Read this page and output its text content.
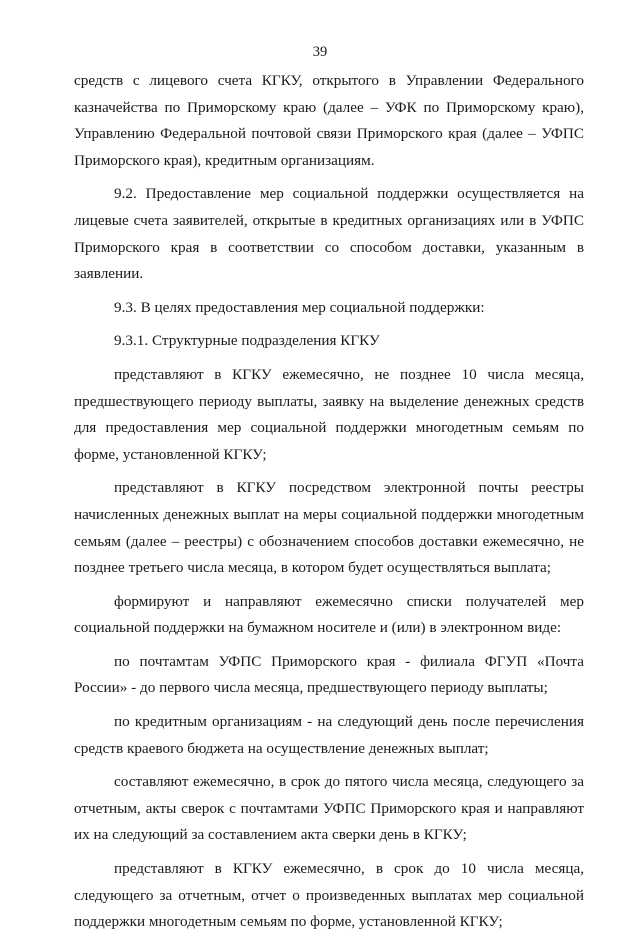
39

средств с лицевого счета КГКУ, открытого в Управлении Федерального казначейства по Приморскому краю (далее – УФК по Приморскому краю), Управлению Федеральной почтовой связи Приморского края (далее – УФПС Приморского края), кредитным организациям.

9.2. Предоставление мер социальной поддержки осуществляется на лицевые счета заявителей, открытые в кредитных организациях или в УФПС Приморского края в соответствии со способом доставки, указанным в заявлении.

9.3. В целях предоставления мер социальной поддержки:

9.3.1. Структурные подразделения КГКУ

представляют в КГКУ ежемесячно, не позднее 10 числа месяца, предшествующего периоду выплаты, заявку на выделение денежных средств для предоставления мер социальной поддержки многодетным семьям по форме, установленной КГКУ;

представляют в КГКУ посредством электронной почты реестры начисленных денежных выплат на меры социальной поддержки многодетным семьям (далее – реестры) с обозначением способов доставки ежемесячно, не позднее третьего числа месяца, в котором будет осуществляться выплата;

формируют и направляют ежемесячно списки получателей мер социальной поддержки на бумажном носителе и (или) в электронном виде:

по почтамтам УФПС Приморского края - филиала ФГУП «Почта России» - до первого числа месяца, предшествующего периоду выплаты;

по кредитным организациям - на следующий день после перечисления средств краевого бюджета на осуществление денежных выплат;

составляют ежемесячно, в срок до пятого числа месяца, следующего за отчетным, акты сверок с почтамтами УФПС Приморского края и направляют их на следующий за составлением акта сверки день в КГКУ;

представляют в КГКУ ежемесячно, в срок до 10 числа месяца, следующего за отчетным, отчет о произведенных выплатах мер социальной поддержки многодетным семьям по форме, установленной КГКУ;
